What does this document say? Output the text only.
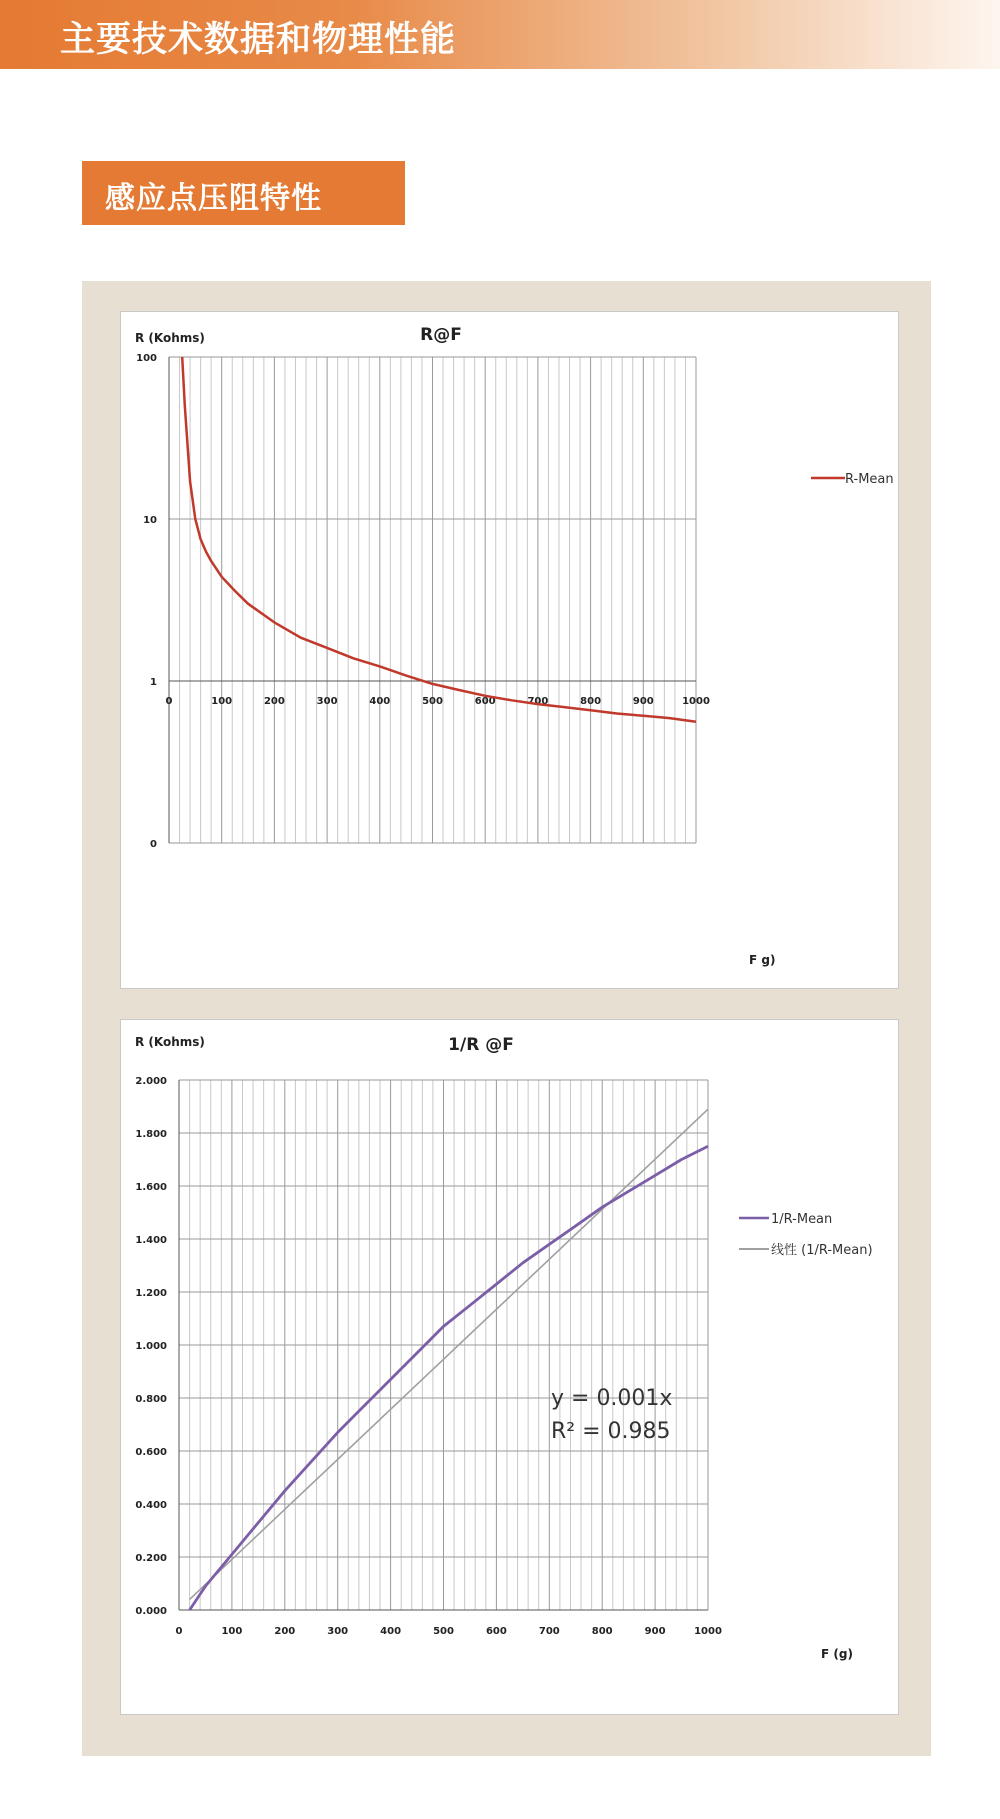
主要技术数据和物理性能
感应点压阻特性
0	100	200	300	400	500	600	700	800	900	1000
100
10
1
0
R@F
R (Kohms)
F g)
R-Mean
0	100	200	300	400	500	600	700	800	900	1000
0.000
0.200
0.400
0.600
0.800
1.000
1.200
1.400
1.600
1.800
2.000
1/R @F
R (Kohms)
F (g)
1/R-Mean
线性 (1/R-Mean)
y = 0.001x
R² = 0.985
